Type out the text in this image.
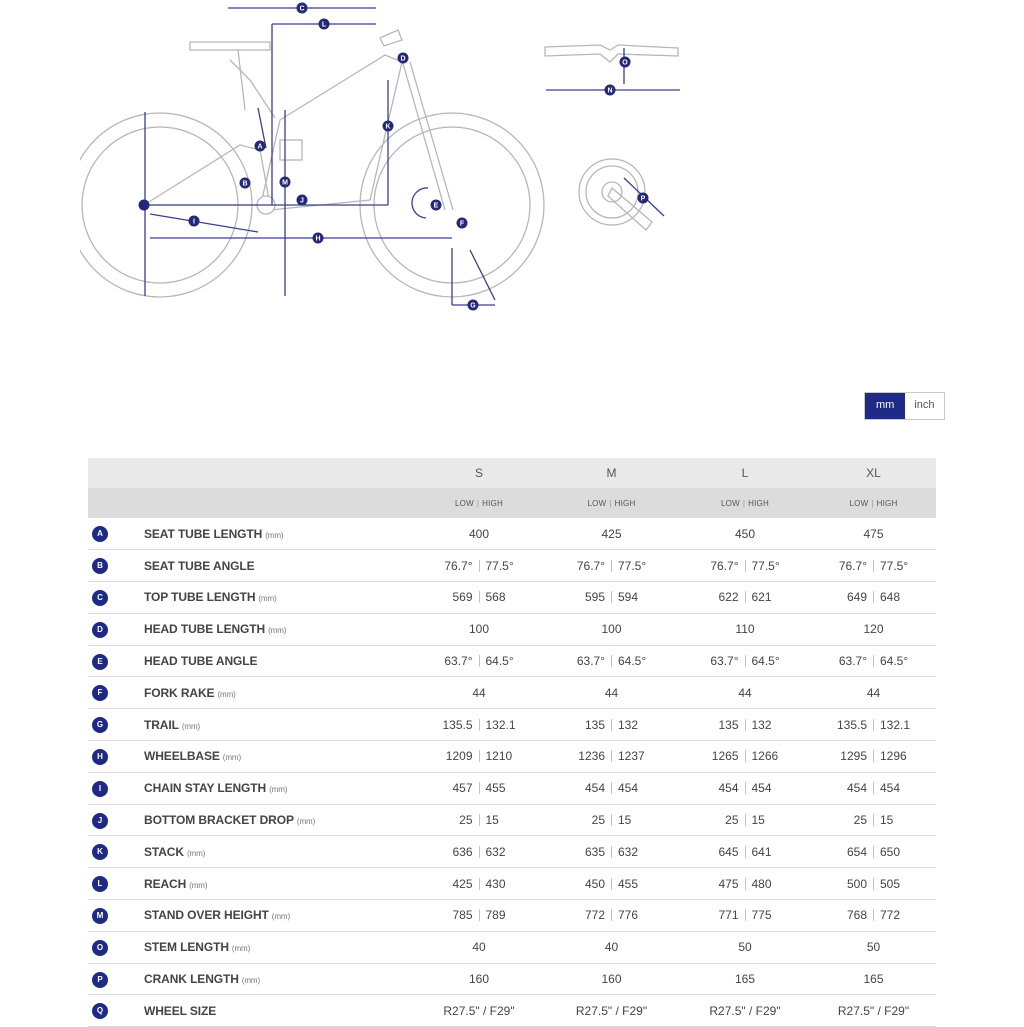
C
L
D
O
N
K
A
B	M
J	P
E
F
I
H
G
mm	inch
		S	M	L	XL
		LOW | HIGH	LOW | HIGH	LOW | HIGH	LOW | HIGH
A	SEAT TUBE LENGTH (mm)	400	425	450	475
B	SEAT TUBE ANGLE	76.7° 77.5°	76.7° 77.5°	76.7° 77.5°	76.7° 77.5°

C	TOP TUBE LENGTH (mm)	569 568	595 594	622 621	649 648

D	HEAD TUBE LENGTH (mm)	100	100	110	120
E	HEAD TUBE ANGLE	63.7° 64.5°	63.7° 64.5°	63.7° 64.5°	63.7° 64.5°

F	FORK RAKE (mm)	44	44	44	44
G	TRAIL (mm)	135.5 132.1	135 132	135 132	135.5 132.1

H	WHEELBASE (mm)	1209 1210	1236 1237	1265 1266	1295 1296

I	CHAIN STAY LENGTH (mm)	457 455	454 454	454 454	454 454

J	BOTTOM BRACKET DROP (mm)	25 15	25 15	25 15	25 15

K	STACK (mm)	636 632	635 632	645 641	654 650

L	REACH (mm)	425 430	450 455	475 480	500 505

M	STAND OVER HEIGHT (mm)	785 789	772 776	771 775	768 772

O	STEM LENGTH (mm)	40	40	50	50
P	CRANK LENGTH (mm)	160	160	165	165
Q	WHEEL SIZE	R27.5" / F29"	R27.5" / F29"	R27.5" / F29"	R27.5" / F29"
